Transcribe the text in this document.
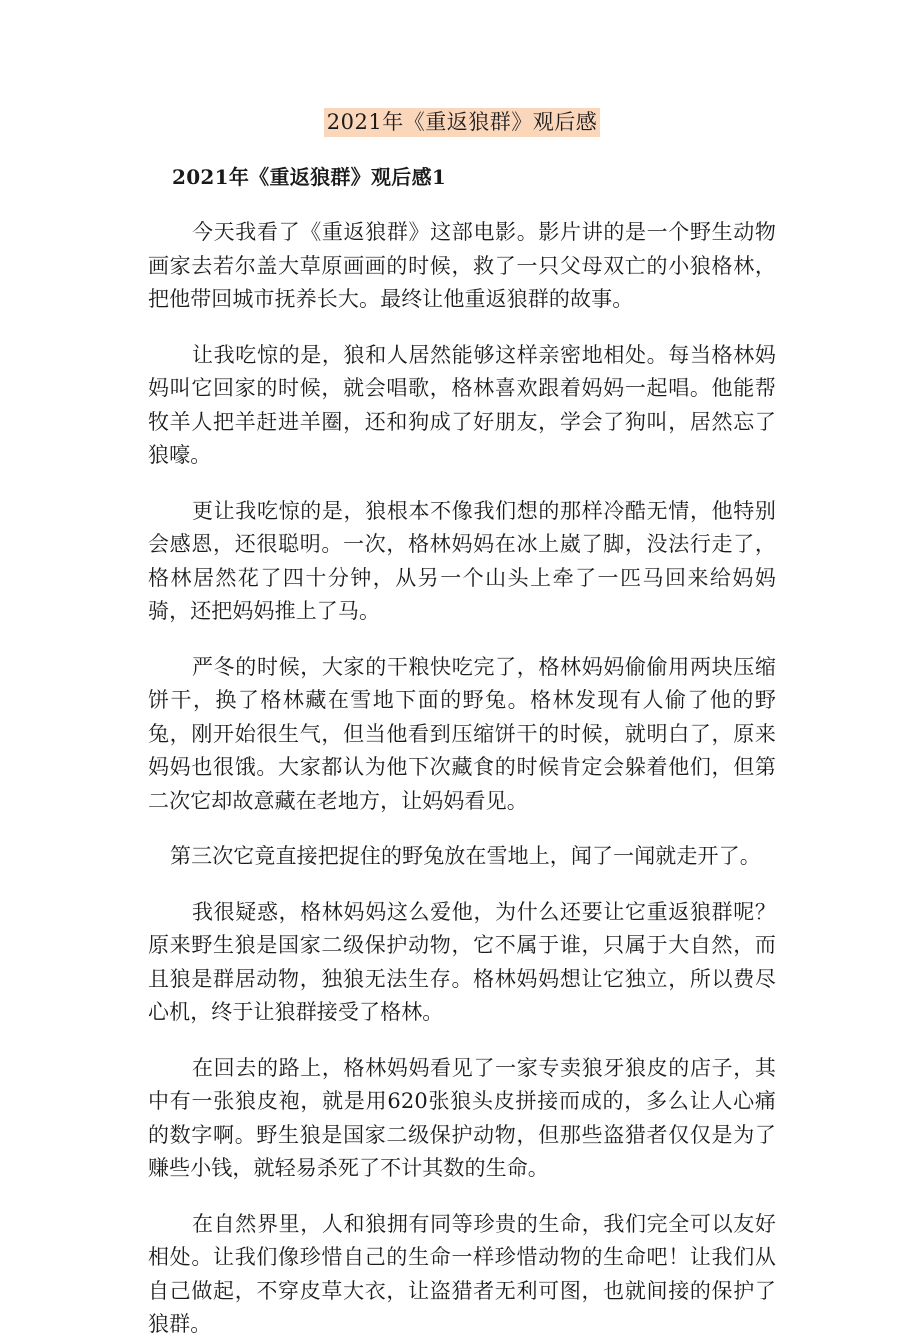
2021年《重返狼群》观后感
2021年《重返狼群》观后感1

今天我看了《重返狼群》这部电影。影片讲的是一个野生动物画家去若尔盖大草原画画的时候，救了一只父母双亡的小狼格林，把他带回城市抚养长大。最终让他重返狼群的故事。

让我吃惊的是，狼和人居然能够这样亲密地相处。每当格林妈妈叫它回家的时候，就会唱歌，格林喜欢跟着妈妈一起唱。他能帮牧羊人把羊赶进羊圈，还和狗成了好朋友，学会了狗叫，居然忘了狼嚎。

更让我吃惊的是，狼根本不像我们想的那样冷酷无情，他特别会感恩，还很聪明。一次，格林妈妈在冰上崴了脚，没法行走了，格林居然花了四十分钟，从另一个山头上牵了一匹马回来给妈妈骑，还把妈妈推上了马。

严冬的时候，大家的干粮快吃完了，格林妈妈偷偷用两块压缩饼干，换了格林藏在雪地下面的野兔。格林发现有人偷了他的野兔，刚开始很生气，但当他看到压缩饼干的时候，就明白了，原来妈妈也很饿。大家都认为他下次藏食的时候肯定会躲着他们，但第二次它却故意藏在老地方，让妈妈看见。

第三次它竟直接把捉住的野兔放在雪地上，闻了一闻就走开了。

我很疑惑，格林妈妈这么爱他，为什么还要让它重返狼群呢？原来野生狼是国家二级保护动物，它不属于谁，只属于大自然，而且狼是群居动物，独狼无法生存。格林妈妈想让它独立，所以费尽心机，终于让狼群接受了格林。

在回去的路上，格林妈妈看见了一家专卖狼牙狼皮的店子，其中有一张狼皮袍，就是用620张狼头皮拼接而成的，多么让人心痛的数字啊。野生狼是国家二级保护动物，但那些盗猎者仅仅是为了赚些小钱，就轻易杀死了不计其数的生命。

在自然界里，人和狼拥有同等珍贵的生命，我们完全可以友好相处。让我们像珍惜自己的生命一样珍惜动物的生命吧！让我们从自己做起，不穿皮草大衣，让盗猎者无利可图，也就间接的保护了狼群。
